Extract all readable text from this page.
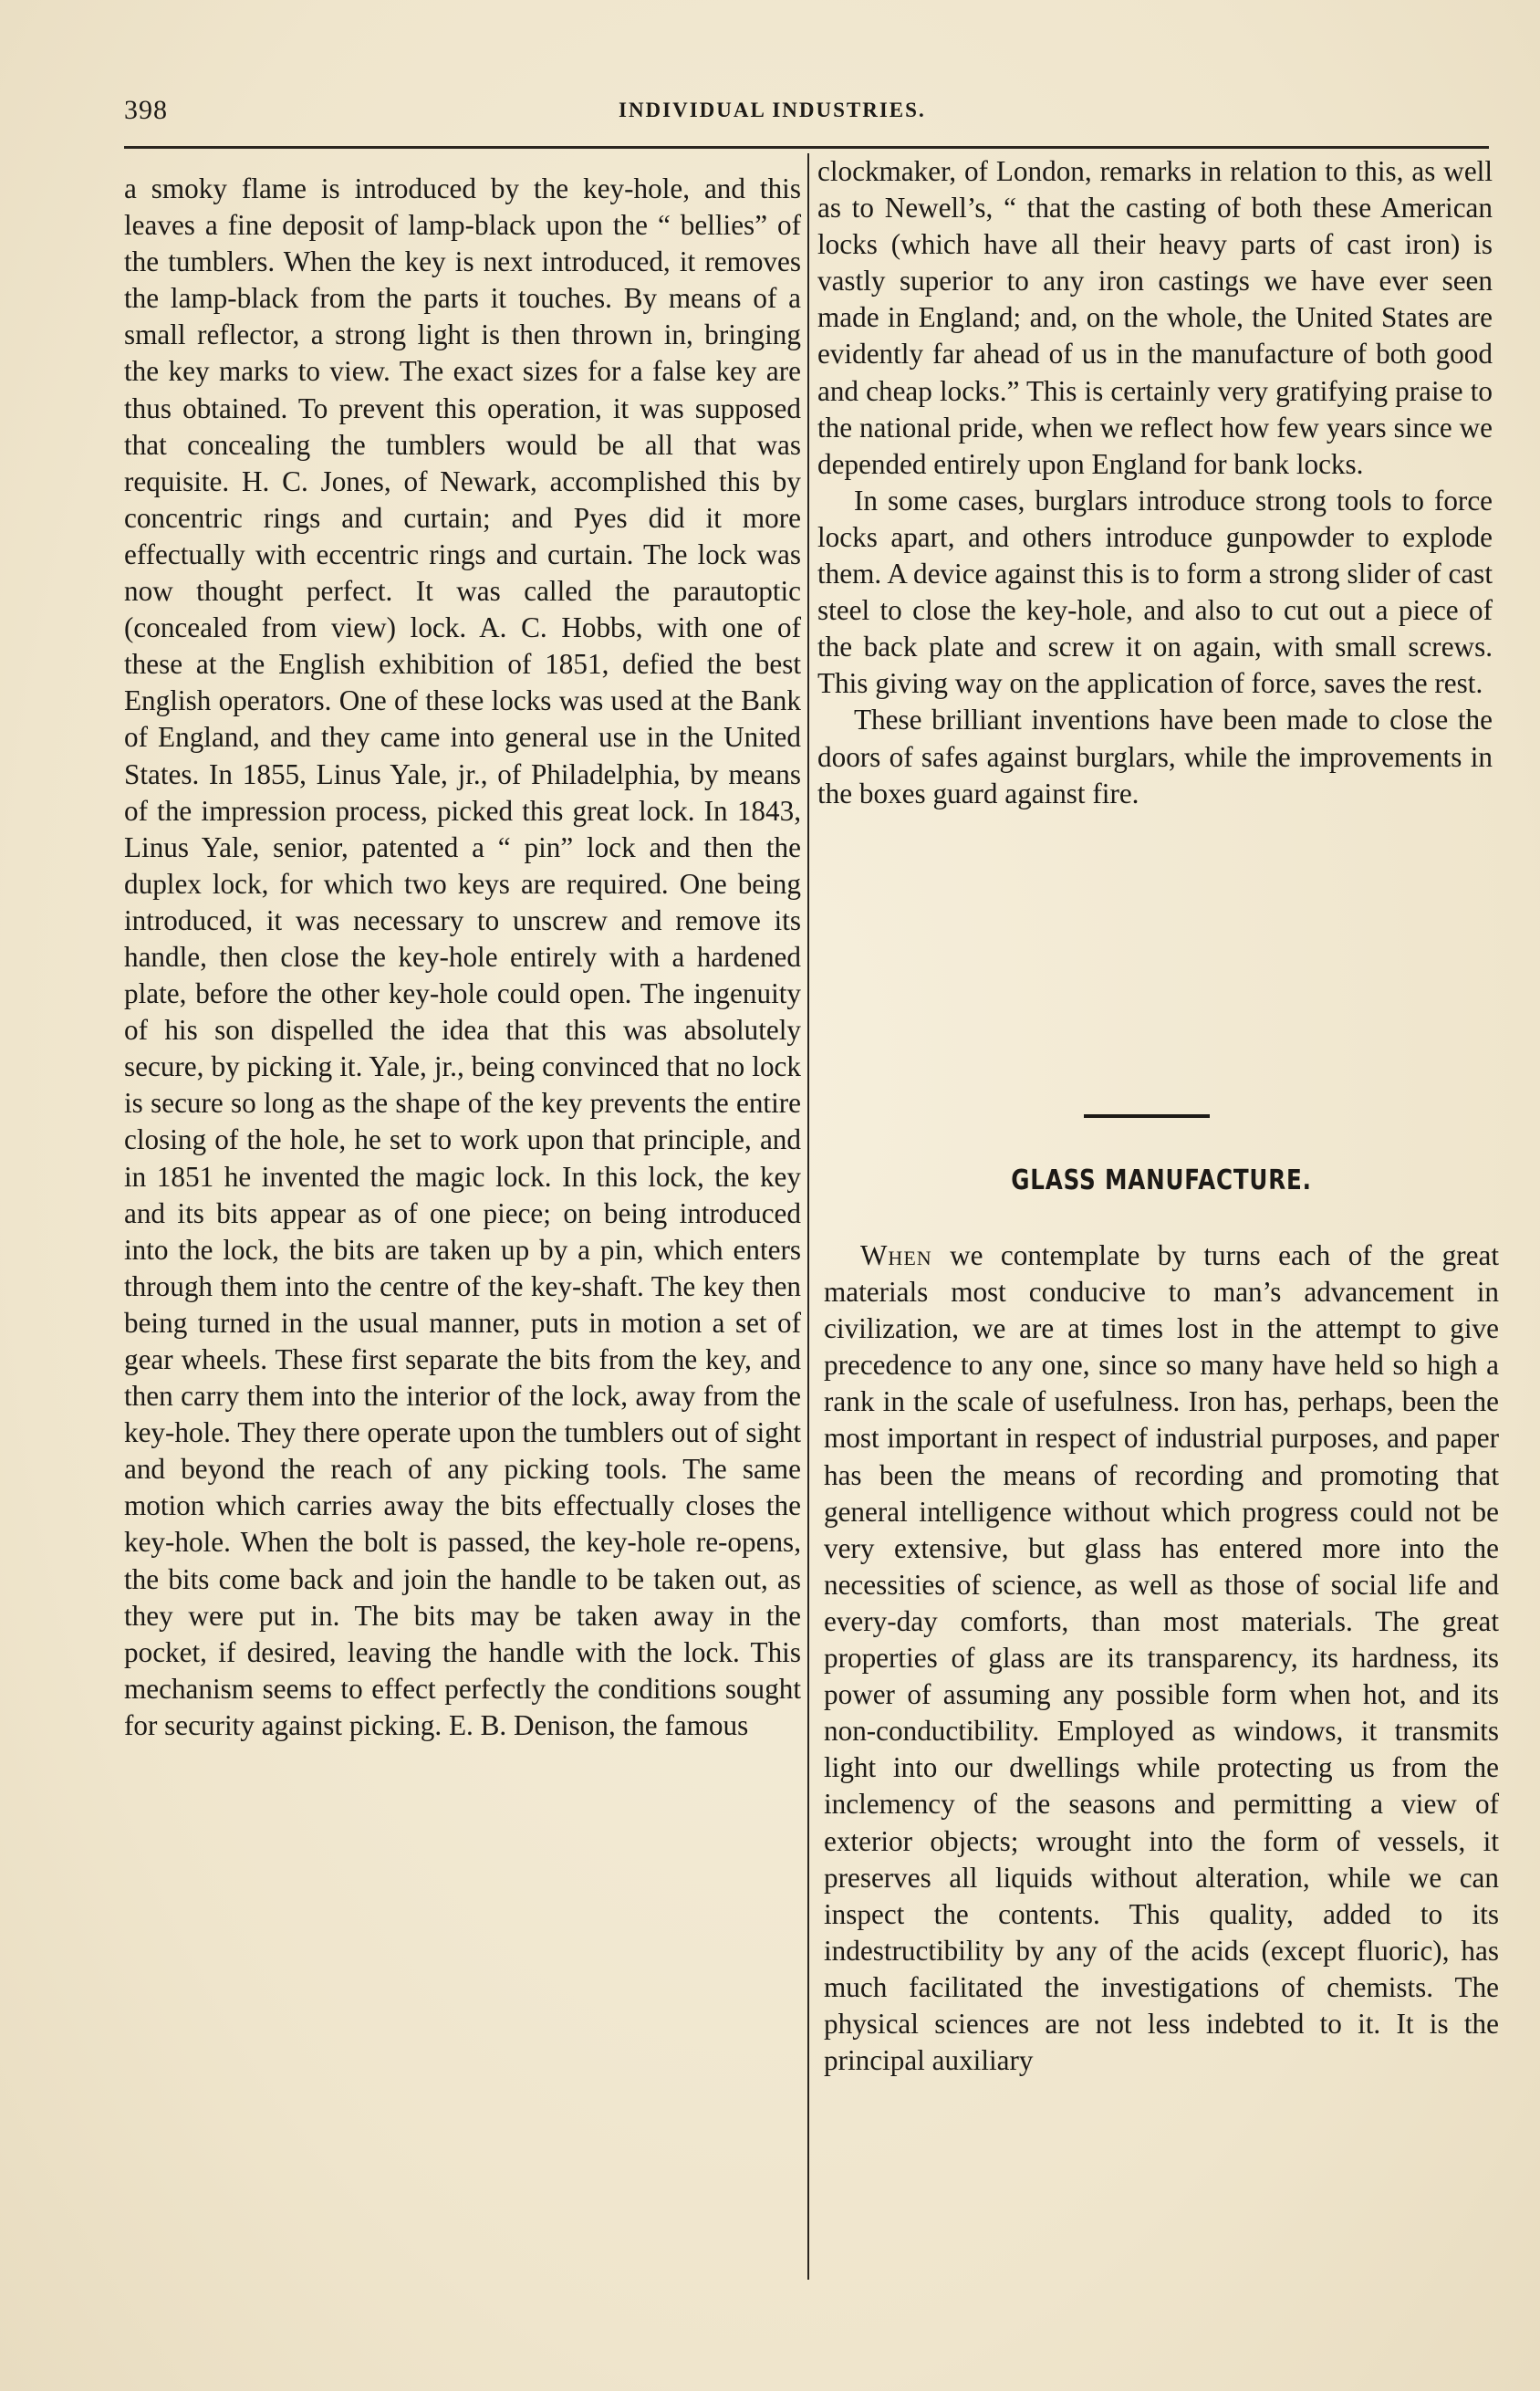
398	INDIVIDUAL INDUSTRIES.

a smoky flame is introduced by the key-hole, and this leaves a fine deposit of lamp-black upon the “ bellies” of the tumblers. When the key is next introduced, it removes the lamp-black from the parts it touches. By means of a small reflector, a strong light is then thrown in, bringing the key marks to view. The exact sizes for a false key are thus obtained. To prevent this operation, it was supposed that concealing the tumblers would be all that was requisite. H. C. Jones, of Newark, accomplished this by concentric rings and curtain; and Pyes did it more effectually with eccentric rings and curtain. The lock was now thought perfect. It was called the parautoptic (concealed from view) lock. A. C. Hobbs, with one of these at the English exhibition of 1851, defied the best English operators. One of these locks was used at the Bank of England, and they came into general use in the United States. In 1855, Linus Yale, jr., of Philadelphia, by means of the impression process, picked this great lock. In 1843, Linus Yale, senior, patented a “ pin” lock and then the duplex lock, for which two keys are required. One being introduced, it was necessary to unscrew and remove its handle, then close the key-hole entirely with a hardened plate, before the other key-hole could open. The ingenuity of his son dispelled the idea that this was absolutely secure, by picking it. Yale, jr., being convinced that no lock is secure so long as the shape of the key prevents the entire closing of the hole, he set to work upon that principle, and in 1851 he invented the magic lock. In this lock, the key and its bits appear as of one piece; on being introduced into the lock, the bits are taken up by a pin, which enters through them into the centre of the key-shaft. The key then being turned in the usual manner, puts in motion a set of gear wheels. These first separate the bits from the key, and then carry them into the interior of the lock, away from the key-hole. They there operate upon the tumblers out of sight and beyond the reach of any picking tools. The same motion which carries away the bits effectually closes the key-hole. When the bolt is passed, the key-hole re-opens, the bits come back and join the handle to be taken out, as they were put in. The bits may be taken away in the pocket, if desired, leaving the handle with the lock. This mechanism seems to effect perfectly the conditions sought for security against picking. E. B. Denison, the famous

clockmaker, of London, remarks in relation to this, as well as to Newell’s, “ that the casting of both these American locks (which have all their heavy parts of cast iron) is vastly superior to any iron castings we have ever seen made in England; and, on the whole, the United States are evidently far ahead of us in the manufacture of both good and cheap locks.” This is certainly very gratifying praise to the national pride, when we reflect how few years since we depended entirely upon England for bank locks.

In some cases, burglars introduce strong tools to force locks apart, and others introduce gunpowder to explode them. A device against this is to form a strong slider of cast steel to close the key-hole, and also to cut out a piece of the back plate and screw it on again, with small screws. This giving way on the application of force, saves the rest.

These brilliant inventions have been made to close the doors of safes against burglars, while the improvements in the boxes guard against fire.

GLASS MANUFACTURE.

When we contemplate by turns each of the great materials most conducive to man’s advancement in civilization, we are at times lost in the attempt to give precedence to any one, since so many have held so high a rank in the scale of usefulness. Iron has, perhaps, been the most important in respect of industrial purposes, and paper has been the means of recording and promoting that general intelligence without which progress could not be very extensive, but glass has entered more into the necessities of science, as well as those of social life and every-day comforts, than most materials. The great properties of glass are its transparency, its hardness, its power of assuming any possible form when hot, and its non-conductibility. Employed as windows, it transmits light into our dwellings while protecting us from the inclemency of the seasons and permitting a view of exterior objects; wrought into the form of vessels, it preserves all liquids without alteration, while we can inspect the contents. This quality, added to its indestructibility by any of the acids (except fluoric), has much facilitated the investigations of chemists. The physical sciences are not less indebted to it. It is the principal auxiliary
